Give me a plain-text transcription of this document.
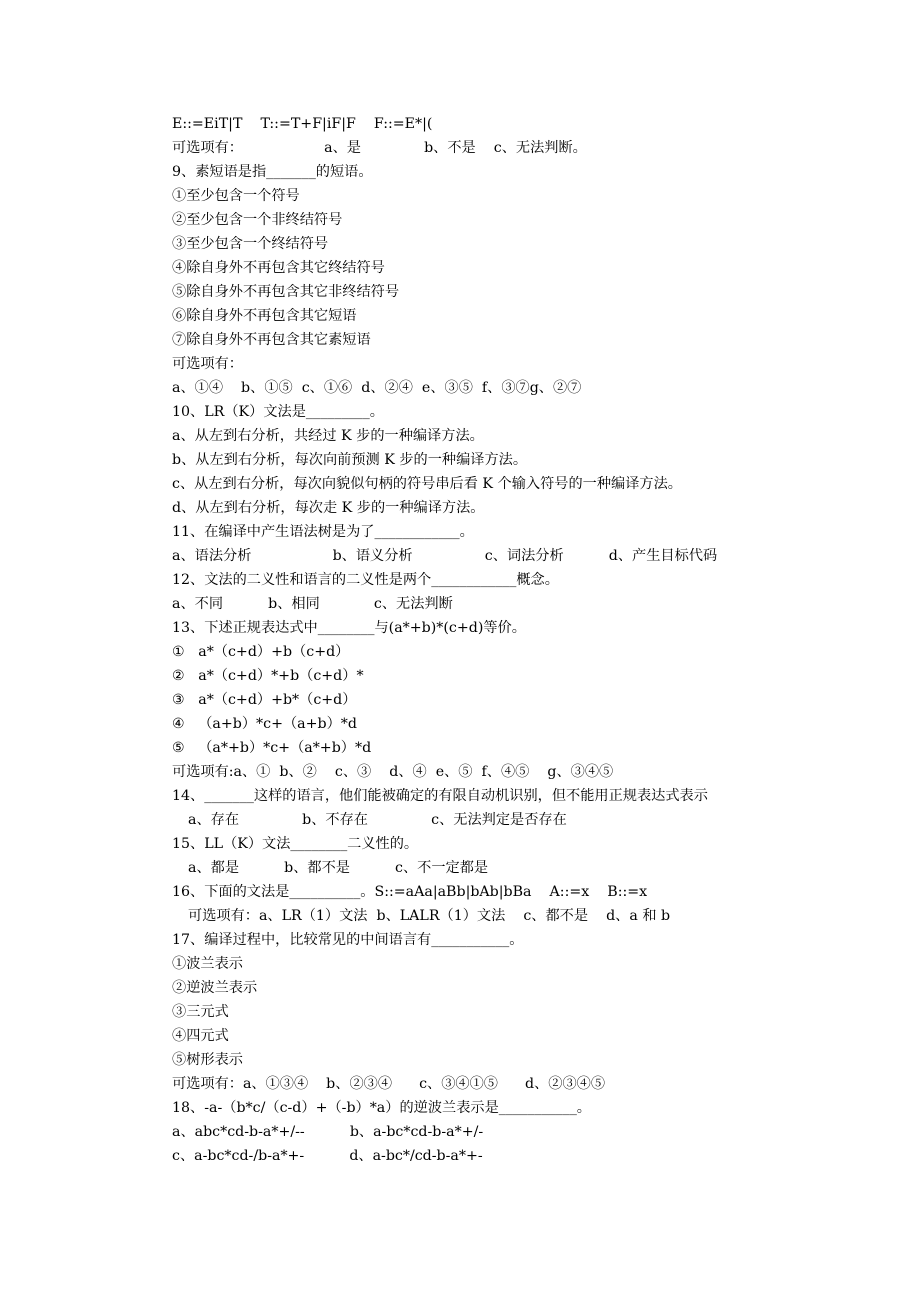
E::=EiT|T    T::=T+F|iF|F    F::=E*|(
可选项有：                  a、是              b、不是    c、无法判断。
9、素短语是指_______的短语。
①至少包含一个符号
②至少包含一个非终结符号
③至少包含一个终结符号
④除自身外不再包含其它终结符号
⑤除自身外不再包含其它非终结符号
⑥除自身外不再包含其它短语
⑦除自身外不再包含其它素短语
可选项有：
a、①④    b、①⑤  c、①⑥  d、②④  e、③⑤  f、③⑦g、②⑦
10、LR（K）文法是_________。
a、从左到右分析，共经过 K 步的一种编译方法。
b、从左到右分析，每次向前预测 K 步的一种编译方法。
c、从左到右分析，每次向貌似句柄的符号串后看 K 个输入符号的一种编译方法。
d、从左到右分析，每次走 K 步的一种编译方法。
11、在编译中产生语法树是为了____________。
a、语法分析                  b、语义分析                c、词法分析          d、产生目标代码
12、文法的二义性和语言的二义性是两个____________概念。
a、不同          b、相同            c、无法判断
13、下述正规表达式中________与(a*+b)*(c+d)等价。
①   a*（c+d）+b（c+d）
②   a*（c+d）*+b（c+d）*
③   a*（c+d）+b*（c+d）
④   （a+b）*c+（a+b）*d
⑤   （a*+b）*c+（a*+b）*d
可选项有:a、①  b、②    c、③    d、④  e、⑤  f、④⑤    g、③④⑤
14、_______这样的语言，他们能被确定的有限自动机识别，但不能用正规表达式表示
a、存在              b、不存在              c、无法判定是否存在
15、LL（K）文法________二义性的。
a、都是          b、都不是          c、不一定都是
16、下面的文法是__________。S::=aAa|aBb|bAb|bBa    A::=x    B::=x
可选项有：a、LR（1）文法  b、LALR（1）文法    c、都不是    d、a 和 b
17、编译过程中，比较常见的中间语言有___________。
①波兰表示
②逆波兰表示
③三元式
④四元式
⑤树形表示
可选项有：a、①③④    b、②③④      c、③④①⑤      d、②③④⑤
18、-a-（b*c/（c-d）+（-b）*a）的逆波兰表示是___________。
a、abc*cd-b-a*+/--          b、a-bc*cd-b-a*+/-
c、a-bc*cd-/b-a*+-          d、a-bc*/cd-b-a*+-
